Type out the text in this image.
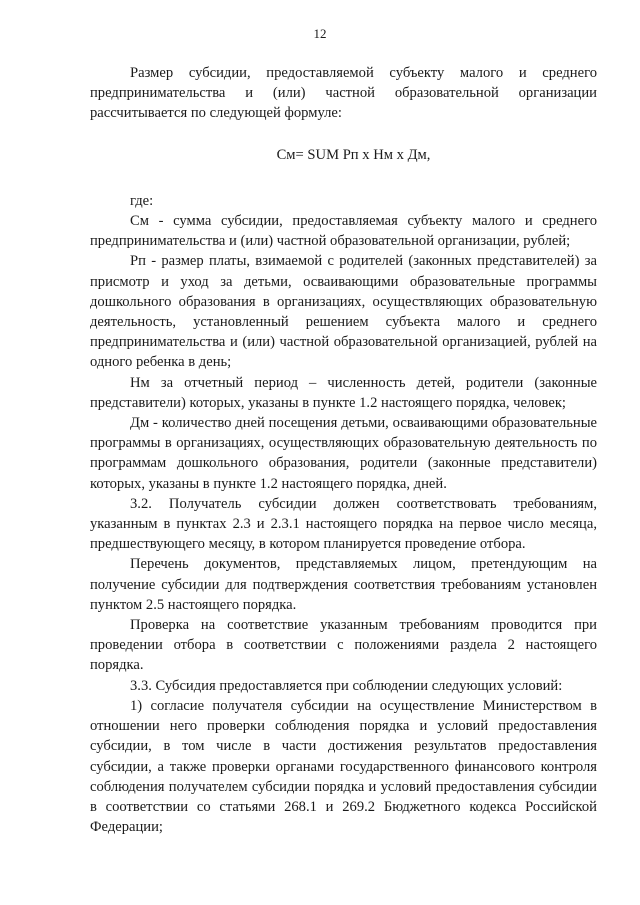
12

Размер субсидии, предоставляемой субъекту малого и среднего предпринимательства и (или) частной образовательной организации рассчитывается по следующей формуле:

См= SUM Рп х Нм х Дм,

где:

См - сумма субсидии, предоставляемая субъекту малого и среднего предпринимательства и (или) частной образовательной организации, рублей;

Рп - размер платы, взимаемой с родителей (законных представителей) за присмотр и уход за детьми, осваивающими образовательные программы дошкольного образования в организациях, осуществляющих образовательную деятельность, установленный решением субъекта малого и среднего предпринимательства и (или) частной образовательной организацией, рублей на одного ребенка в день;

Нм за отчетный период – численность детей, родители (законные представители) которых, указаны в пункте 1.2 настоящего порядка, человек;

Дм - количество дней посещения детьми, осваивающими образовательные программы в организациях, осуществляющих образовательную деятельность по программам дошкольного образования, родители (законные представители) которых, указаны в пункте 1.2 настоящего порядка, дней.

3.2. Получатель субсидии должен соответствовать требованиям, указанным в пунктах 2.3 и 2.3.1 настоящего порядка на первое число месяца, предшествующего месяцу, в котором планируется проведение отбора.

Перечень документов, представляемых лицом, претендующим на получение субсидии для подтверждения соответствия требованиям установлен пунктом 2.5 настоящего порядка.

Проверка на соответствие указанным требованиям проводится при проведении отбора в соответствии с положениями раздела 2 настоящего порядка.

3.3. Субсидия предоставляется при соблюдении следующих условий:

1) согласие получателя субсидии на осуществление Министерством в отношении него проверки соблюдения порядка и условий предоставления субсидии, в том числе в части достижения результатов предоставления субсидии, а также проверки органами государственного финансового контроля соблюдения получателем субсидии порядка и условий предоставления субсидии в соответствии со статьями 268.1 и 269.2 Бюджетного кодекса Российской Федерации;
